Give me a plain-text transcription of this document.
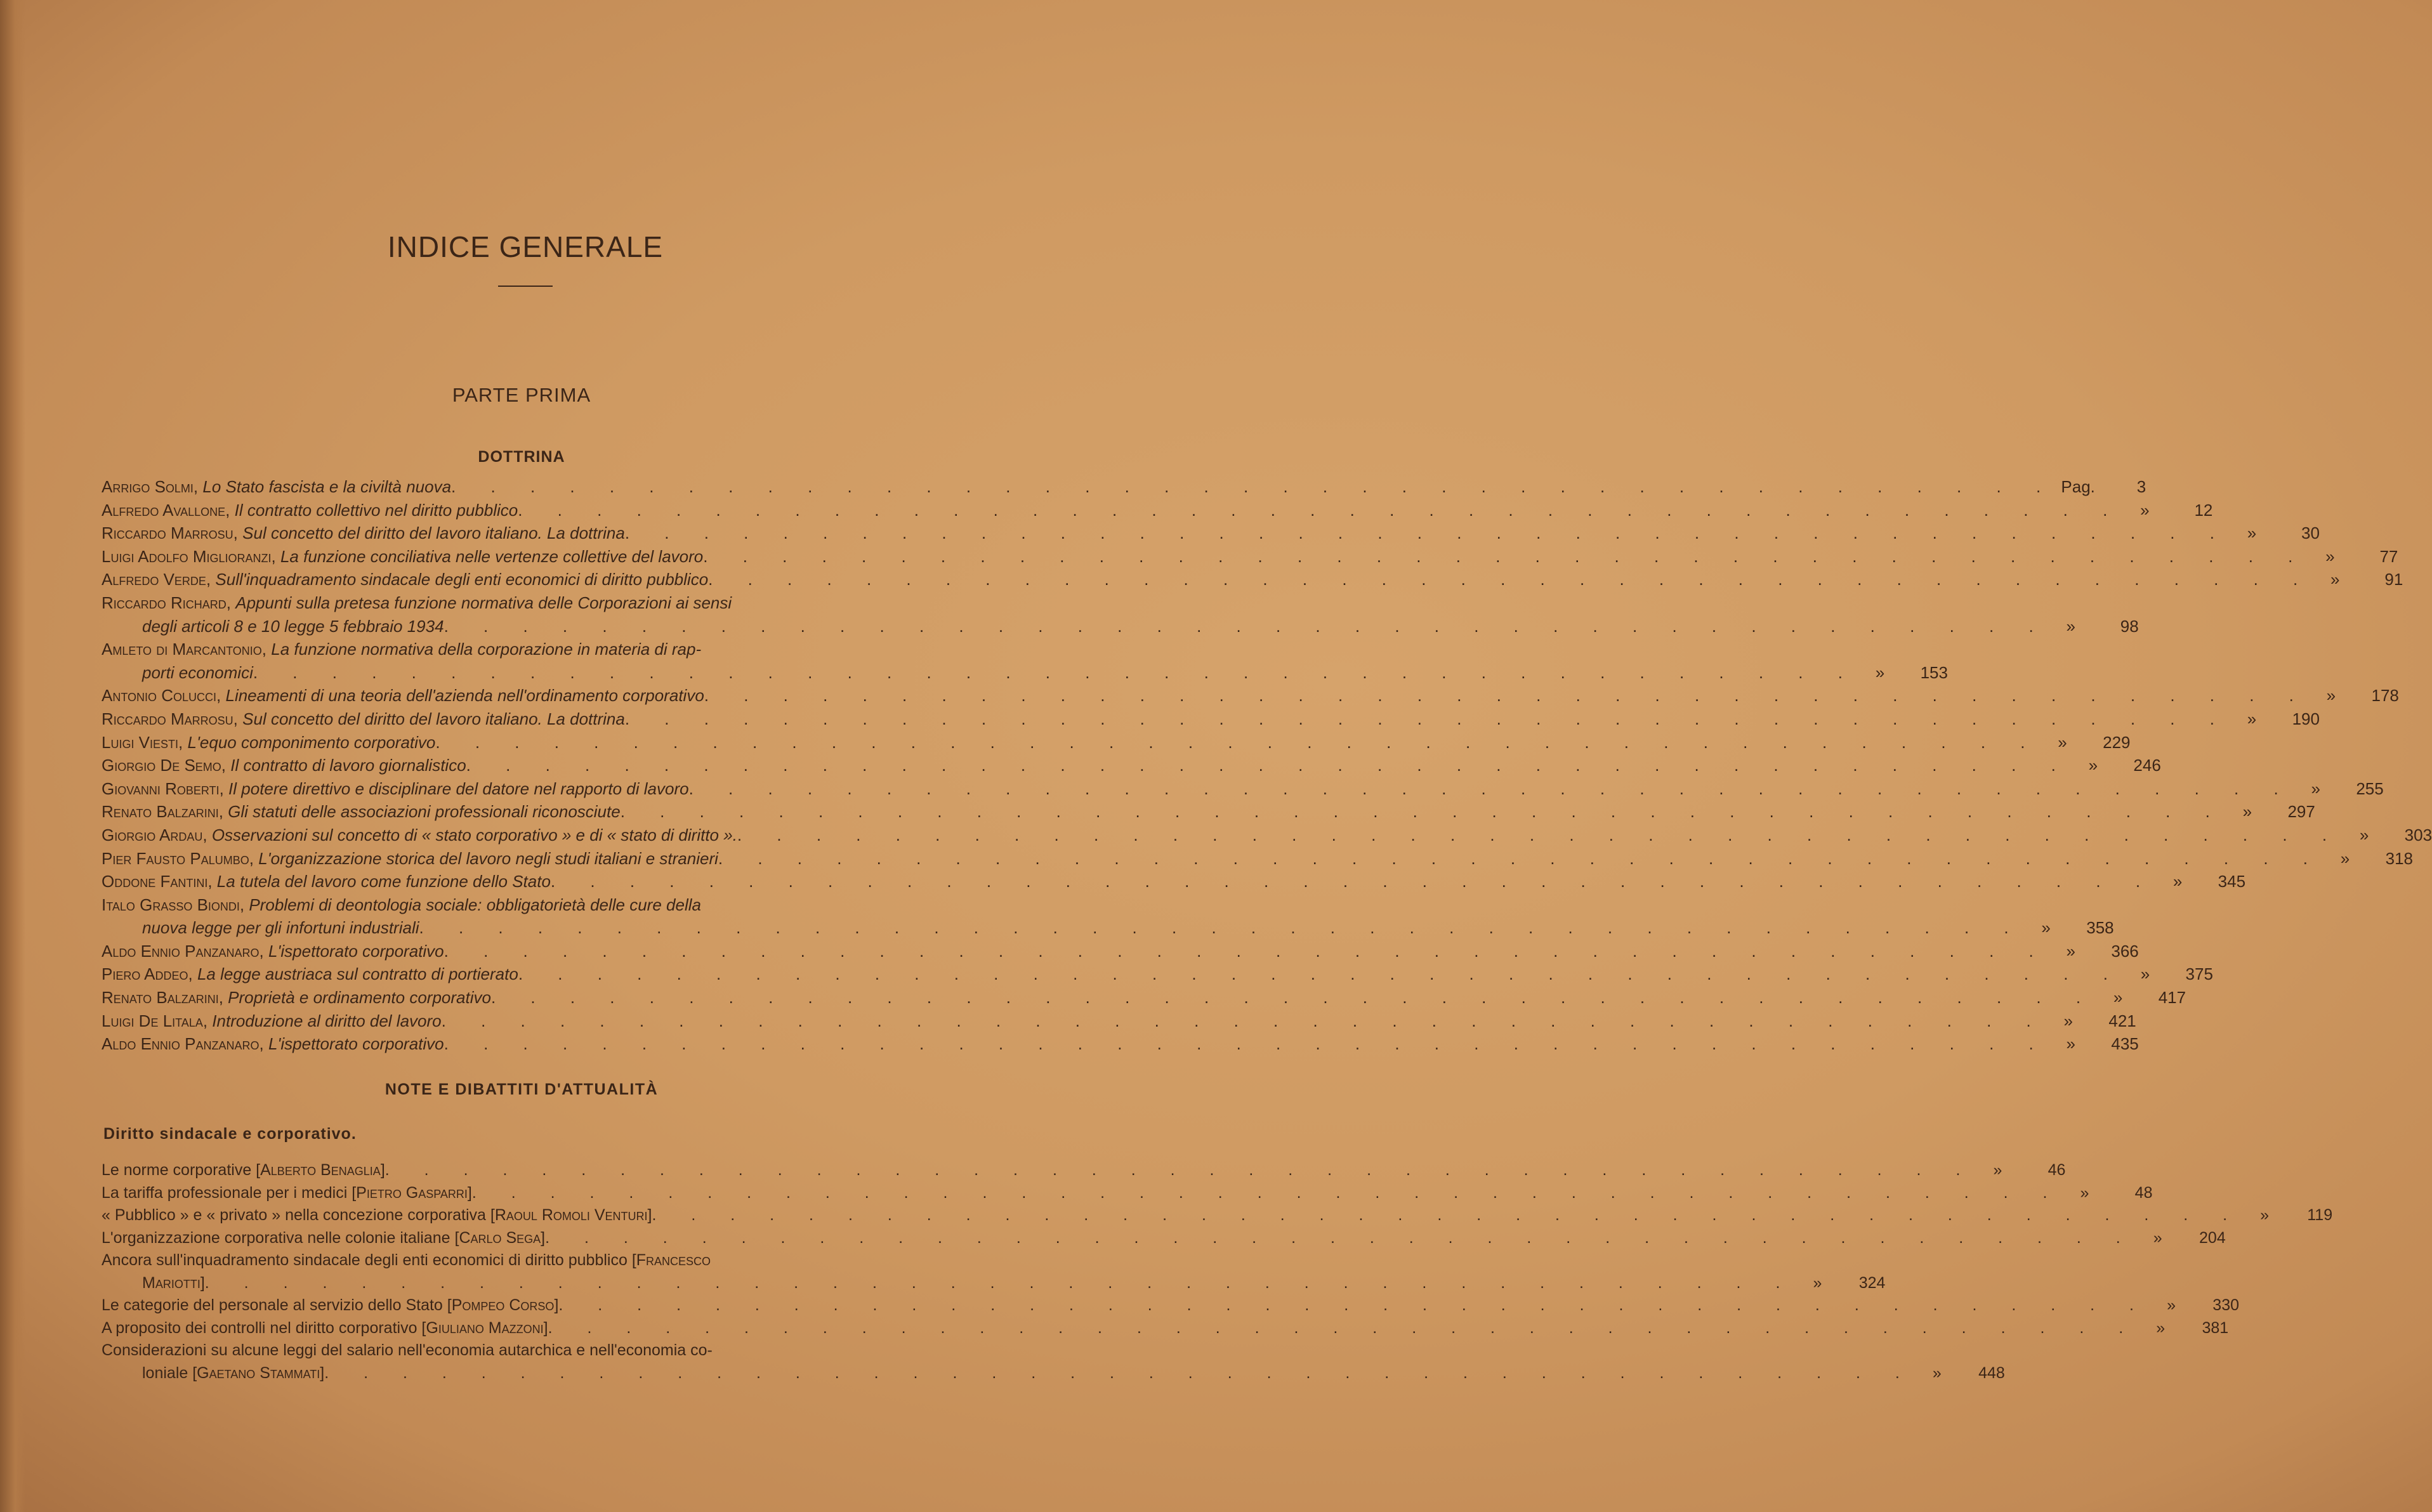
INDICE GENERALE
PARTE PRIMA
DOTTRINA
Arrigo Solmi, Lo Stato fascista e la civiltà nuova . . .	Pag.	3
Alfredo Avallone, Il contratto collettivo nel diritto pubblico . . .	»	12
Riccardo Marrosu, Sul concetto del diritto del lavoro italiano. La dottrina . . .	»	30
Luigi Adolfo Miglioranzi, La funzione conciliativa nelle vertenze collettive del lavoro . . .	»	77
Alfredo Verde, Sull'inquadramento sindacale degli enti economici di diritto pubblico . . .	»	91
Riccardo Richard, Appunti sulla pretesa funzione normativa delle Corporazioni ai sensi
degli articoli 8 e 10 legge 5 febbraio 1934 . . .	»	98
Amleto di Marcantonio, La funzione normativa della corporazione in materia di rap-
porti economici . . .	»	153
Antonio Colucci, Lineamenti di una teoria dell'azienda nell'ordinamento corporativo . . .	»	178
Riccardo Marrosu, Sul concetto del diritto del lavoro italiano. La dottrina . . .	»	190
Luigi Viesti, L'equo componimento corporativo . . .	»	229
Giorgio De Semo, Il contratto di lavoro giornalistico . . .	»	246
Giovanni Roberti, Il potere direttivo e disciplinare del datore nel rapporto di lavoro . . .	»	255
Renato Balzarini, Gli statuti delle associazioni professionali riconosciute . . .	»	297
Giorgio Ardau, Osservazioni sul concetto di « stato corporativo » e di « stato di diritto ». . . .	»	303
Pier Fausto Palumbo, L'organizzazione storica del lavoro negli studi italiani e stranieri . . .	»	318
Oddone Fantini, La tutela del lavoro come funzione dello Stato . . .	»	345
Italo Grasso Biondi, Problemi di deontologia sociale: obbligatorietà delle cure della
nuova legge per gli infortuni industriali . . .	»	358
Aldo Ennio Panzanaro, L'ispettorato corporativo . . .	»	366
Piero Addeo, La legge austriaca sul contratto di portierato . . .	»	375
Renato Balzarini, Proprietà e ordinamento corporativo . . .	»	417
Luigi De Litala, Introduzione al diritto del lavoro . . .	»	421
Aldo Ennio Panzanaro, L'ispettorato corporativo . . .	»	435
NOTE E DIBATTITI D'ATTUALITÀ
Diritto sindacale e corporativo.
Le norme corporative [Alberto Benaglia] . . .	»	46
La tariffa professionale per i medici [Pietro Gasparri] . . .	»	48
« Pubblico » e « privato » nella concezione corporativa [Raoul Romoli Venturi] . . .	»	119
L'organizzazione corporativa nelle colonie italiane [Carlo Sega] . . .	»	204
Ancora sull'inquadramento sindacale degli enti economici di diritto pubblico [Francesco
Mariotti] . . .	»	324
Le categorie del personale al servizio dello Stato [Pompeo Corso] . . .	»	330
A proposito dei controlli nel diritto corporativo [Giuliano Mazzoni] . . .	»	381
Considerazioni su alcune leggi del salario nell'economia autarchica e nell'economia co-
loniale [Gaetano Stammati] . . .	»	448
